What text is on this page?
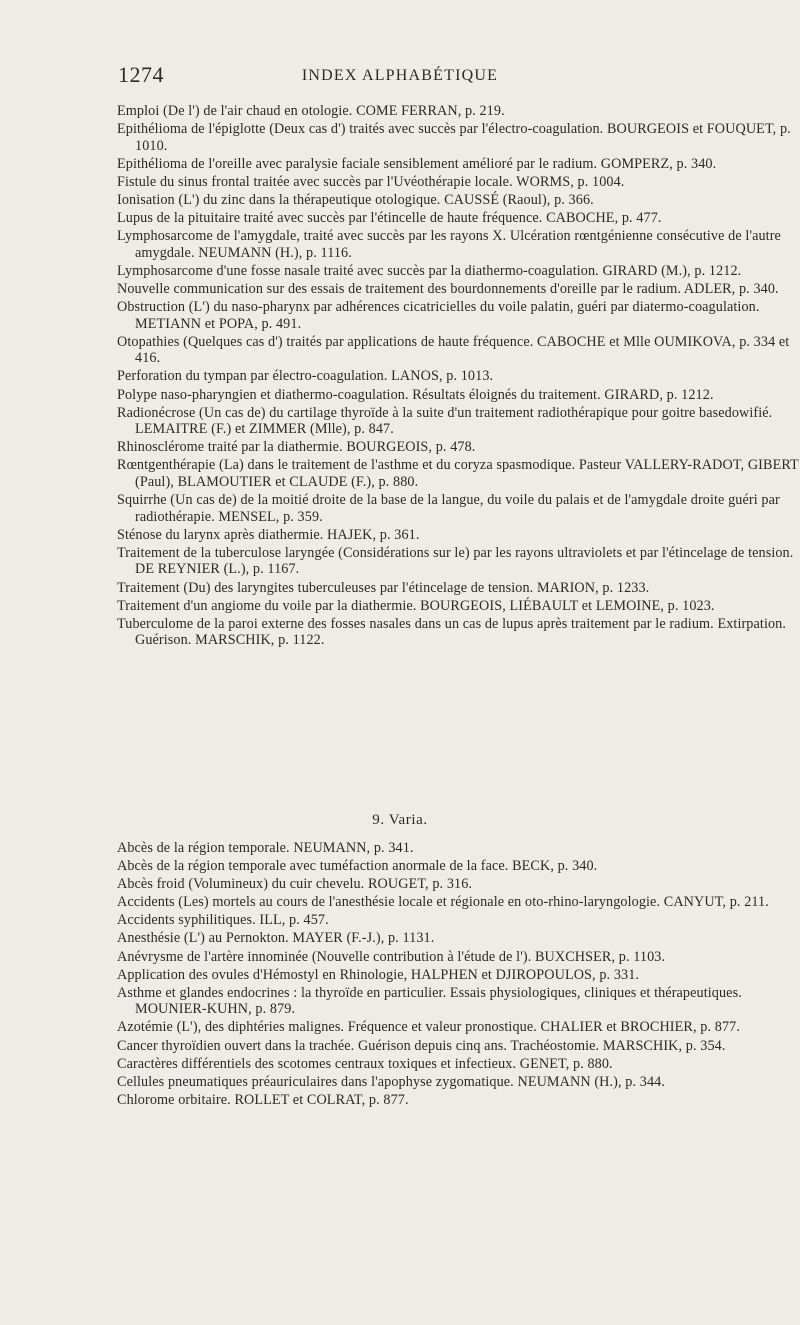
1274	INDEX ALPHABÉTIQUE

Emploi (De l') de l'air chaud en otologie. COME FERRAN, p. 219.

Epithélioma de l'épiglotte (Deux cas d') traités avec succès par l'électro-coagulation. BOURGEOIS et FOUQUET, p. 1010.

Epithélioma de l'oreille avec paralysie faciale sensiblement amélioré par le radium. GOMPERZ, p. 340.

Fistule du sinus frontal traitée avec succès par l'Uvéothérapie locale. WORMS, p. 1004.

Ionisation (L') du zinc dans la thérapeutique otologique. CAUSSÉ (Raoul), p. 366.

Lupus de la pituitaire traité avec succès par l'étincelle de haute fréquence. CABOCHE, p. 477.

Lymphosarcome de l'amygdale, traité avec succès par les rayons X. Ulcération rœntgénienne consécutive de l'autre amygdale. NEUMANN (H.), p. 1116.

Lymphosarcome d'une fosse nasale traité avec succès par la diathermo-coagulation. GIRARD (M.), p. 1212.

Nouvelle communication sur des essais de traitement des bourdonnements d'oreille par le radium. ADLER, p. 340.

Obstruction (L') du naso-pharynx par adhérences cicatricielles du voile palatin, guéri par diatermo-coagulation. METIANN et POPA, p. 491.

Otopathies (Quelques cas d') traités par applications de haute fréquence. CABOCHE et Mlle OUMIKOVA, p. 334 et 416.

Perforation du tympan par électro-coagulation. LANOS, p. 1013.

Polype naso-pharyngien et diathermo-coagulation. Résultats éloignés du traitement. GIRARD, p. 1212.

Radionécrose (Un cas de) du cartilage thyroïde à la suite d'un traitement radiothérapique pour goitre basedowifié. LEMAITRE (F.) et ZIMMER (Mlle), p. 847.

Rhinosclérome traité par la diathermie. BOURGEOIS, p. 478.

Rœntgenthérapie (La) dans le traitement de l'asthme et du coryza spasmodique. Pasteur VALLERY-RADOT, GIBERT (Paul), BLAMOUTIER et CLAUDE (F.), p. 880.

Squirrhe (Un cas de) de la moitié droite de la base de la langue, du voile du palais et de l'amygdale droite guéri par radiothérapie. MENSEL, p. 359.

Sténose du larynx après diathermie. HAJEK, p. 361.

Traitement de la tuberculose laryngée (Considérations sur le) par les rayons ultraviolets et par l'étincelage de tension. DE REYNIER (L.), p. 1167.

Traitement (Du) des laryngites tuberculeuses par l'étincelage de tension. MARION, p. 1233.

Traitement d'un angiome du voile par la diathermie. BOURGEOIS, LIÉBAULT et LEMOINE, p. 1023.

Tuberculome de la paroi externe des fosses nasales dans un cas de lupus après traitement par le radium. Extirpation. Guérison. MARSCHIK, p. 1122.

9. Varia.

Abcès de la région temporale. NEUMANN, p. 341.

Abcès de la région temporale avec tuméfaction anormale de la face. BECK, p. 340.

Abcès froid (Volumineux) du cuir chevelu. ROUGET, p. 316.

Accidents (Les) mortels au cours de l'anesthésie locale et régionale en oto-rhino-laryngologie. CANYUT, p. 211.

Accidents syphilitiques. ILL, p. 457.

Anesthésie (L') au Pernokton. MAYER (F.-J.), p. 1131.

Anévrysme de l'artère innominée (Nouvelle contribution à l'étude de l'). BUXCHSER, p. 1103.

Application des ovules d'Hémostyl en Rhinologie, HALPHEN et DJIROPOULOS, p. 331.

Asthme et glandes endocrines : la thyroïde en particulier. Essais physiologiques, cliniques et thérapeutiques. MOUNIER-KUHN, p. 879.

Azotémie (L'), des diphtéries malignes. Fréquence et valeur pronostique. CHALIER et BROCHIER, p. 877.

Cancer thyroïdien ouvert dans la trachée. Guérison depuis cinq ans. Trachéostomie. MARSCHIK, p. 354.

Caractères différentiels des scotomes centraux toxiques et infectieux. GENET, p. 880.

Cellules pneumatiques préauriculaires dans l'apophyse zygomatique. NEUMANN (H.), p. 344.

Chlorome orbitaire. ROLLET et COLRAT, p. 877.
